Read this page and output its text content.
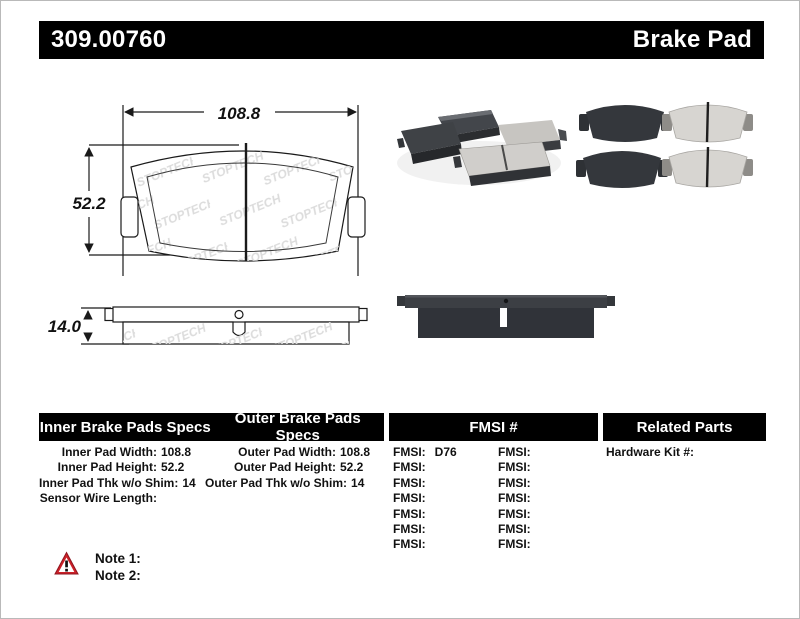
108.8
52.2
14.0
309.00760	Brake Pad
Inner Brake Pads Specs	Outer Brake Pads Specs	FMSI #	Related Parts
Inner Pad Width: 108.8
Inner Pad Height: 52.2
Inner Pad Thk w/o Shim: 14
Sensor Wire Length:
Outer Pad Width: 108.8
Outer Pad Height: 52.2
Outer Pad Thk w/o Shim: 14
FMSI: D76
FMSI:
FMSI:
FMSI:
FMSI:
FMSI:
FMSI:
FMSI:
FMSI:
FMSI:
FMSI:
FMSI:
FMSI:
FMSI:
Hardware Kit #:
Note 1:
Note 2:
